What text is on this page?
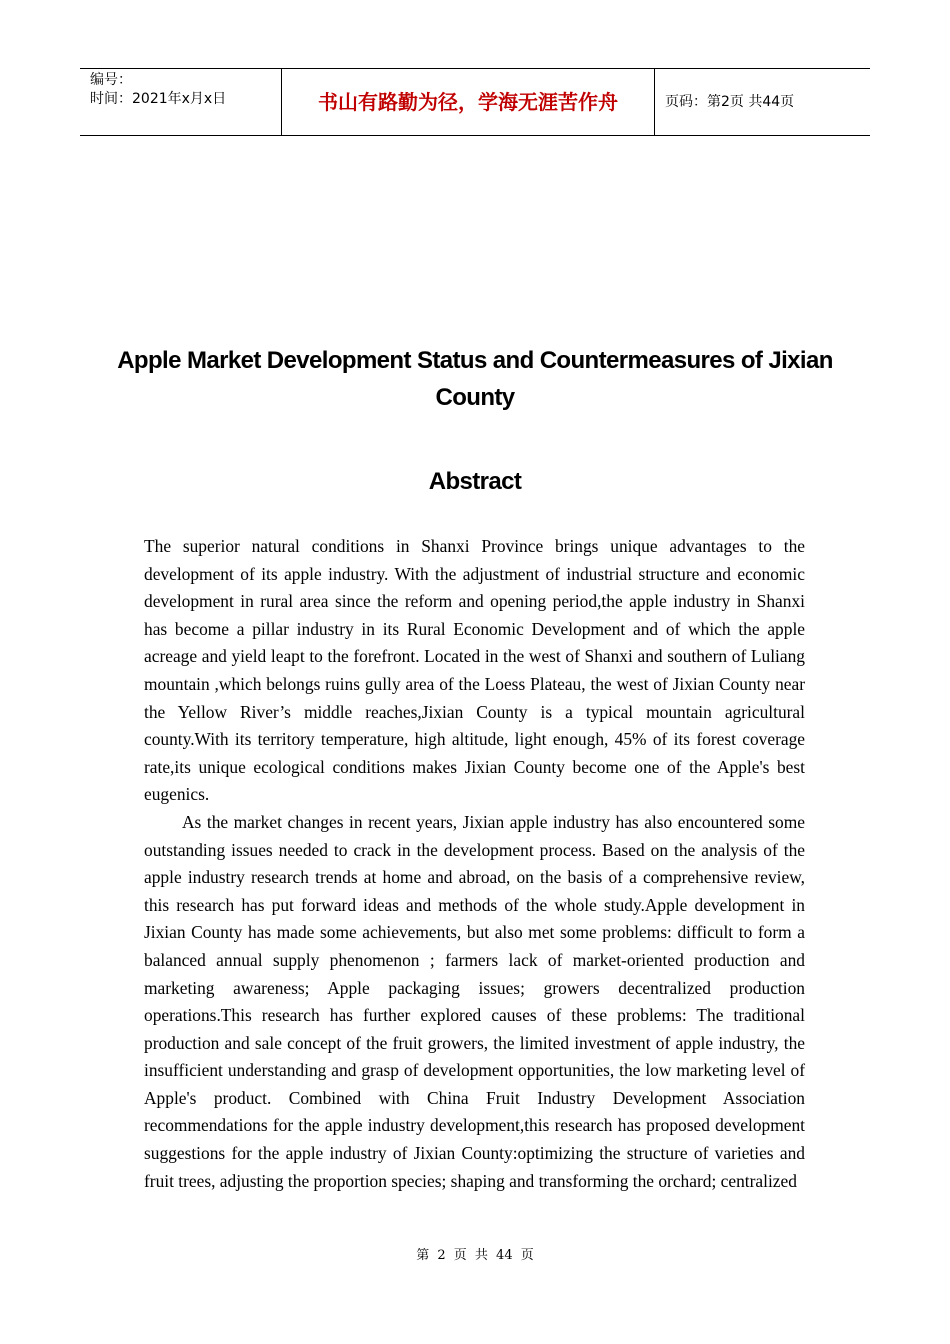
编号：
时间：2021年x月x日	书山有路勤为径，学海无涯苦作舟	页码：第2页 共44页
Apple Market Development Status and Countermeasures of Jixian County
Abstract

The superior natural conditions in Shanxi Province brings unique advantages to the development of its apple industry. With the adjustment of industrial structure and economic development in rural area since the reform and opening period,the apple industry in Shanxi has become a pillar industry in its Rural Economic Development and of which the apple acreage and yield leapt to the forefront. Located in the west of Shanxi and southern of Luliang mountain ,which belongs ruins gully area of the Loess Plateau, the west of Jixian County near the Yellow River’s middle reaches,Jixian County is a typical mountain agricultural county.With its territory temperature, high altitude, light enough, 45% of its forest coverage rate,its unique ecological conditions makes Jixian County become one of the Apple's best eugenics.

As the market changes in recent years, Jixian apple industry has also encountered some outstanding issues needed to crack in the development process. Based on the analysis of the apple industry research trends at home and abroad, on the basis of a comprehensive review, this research has put forward ideas and methods of the whole study.Apple development in Jixian County has made some achievements, but also met some problems: difficult to form a balanced annual supply phenomenon ; farmers lack of market-oriented production and marketing awareness; Apple packaging issues; growers decentralized production operations.This research has further explored causes of these problems: The traditional production and sale concept of the fruit growers, the limited investment of apple industry, the insufficient understanding and grasp of development opportunities, the low marketing level of Apple's product. Combined with China Fruit Industry Development Association recommendations for the apple industry development,this research has proposed development suggestions for the apple industry of Jixian County:optimizing the structure of varieties and fruit trees, adjusting the proportion species; shaping and transforming the orchard; centralized

第 2 页 共 44 页
